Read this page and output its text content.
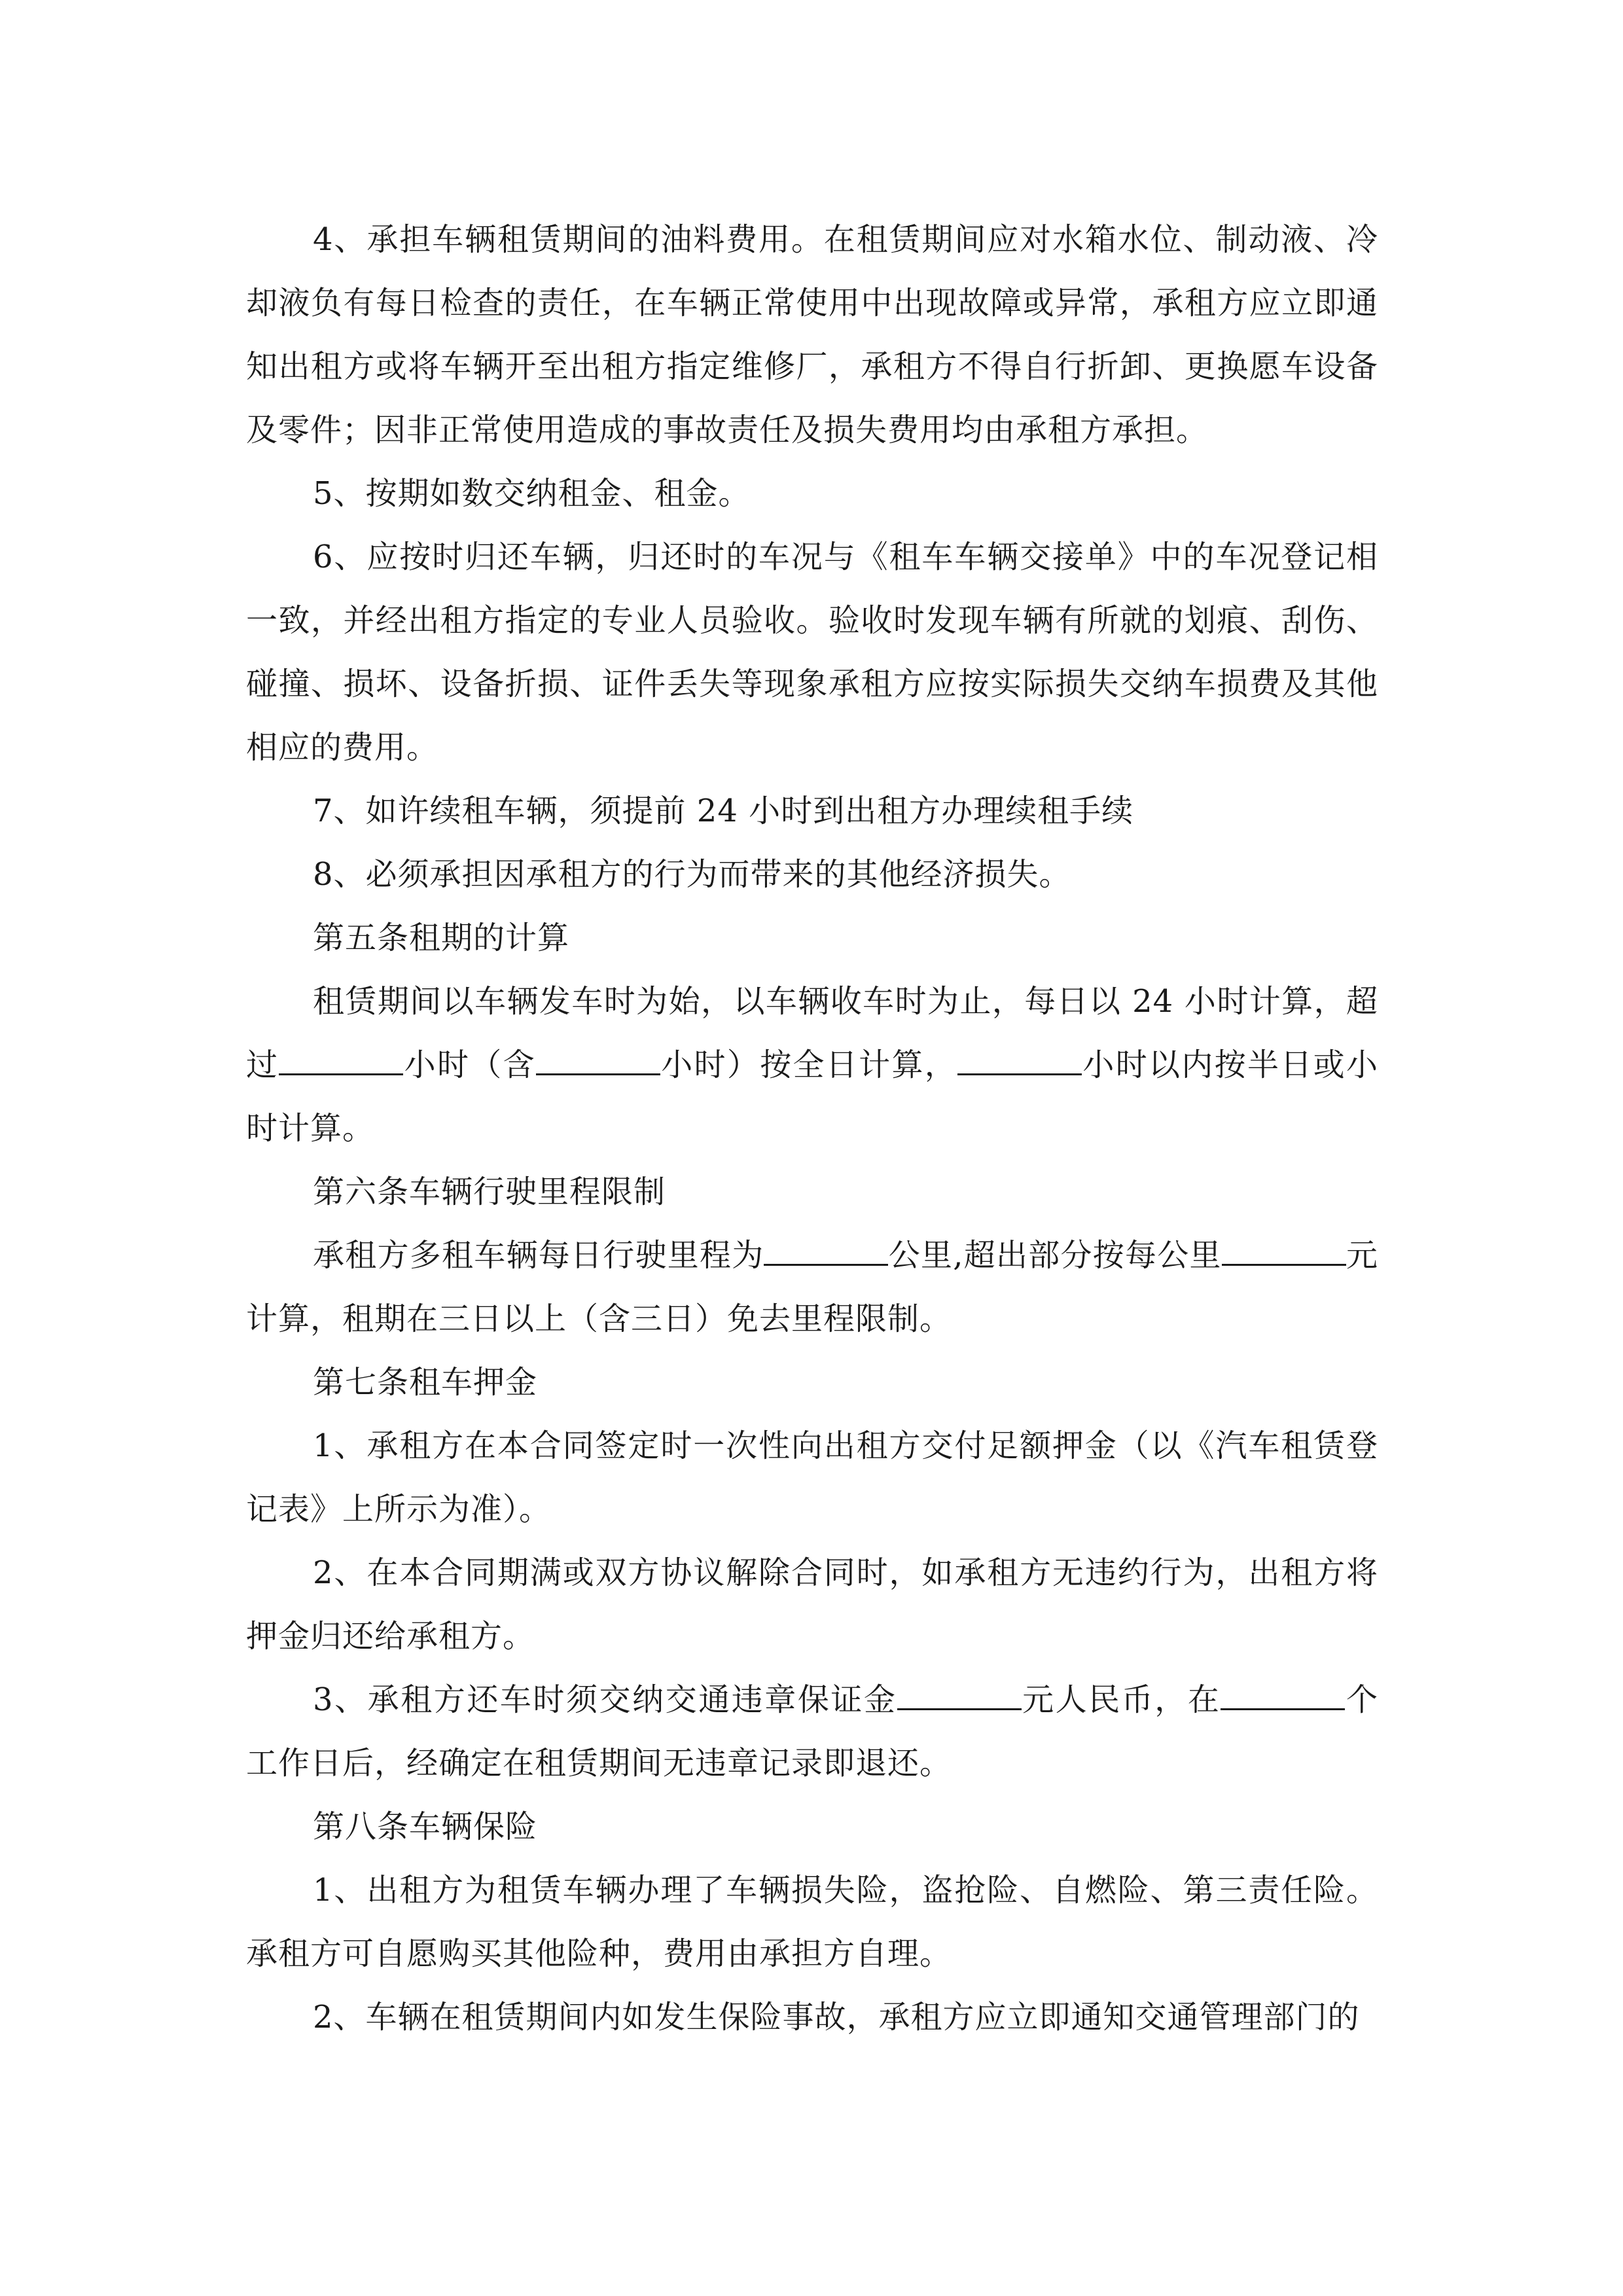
4、承担车辆租赁期间的油料费用。在租赁期间应对水箱水位、制动液、冷却液负有每日检查的责任，在车辆正常使用中出现故障或异常，承租方应立即通知出租方或将车辆开至出租方指定维修厂，承租方不得自行折卸、更换愿车设备及零件；因非正常使用造成的事故责任及损失费用均由承租方承担。

5、按期如数交纳租金、租金。

6、应按时归还车辆，归还时的车况与《租车车辆交接单》中的车况登记相一致，并经出租方指定的专业人员验收。验收时发现车辆有所就的划痕、刮伤、碰撞、损坏、设备折损、证件丢失等现象承租方应按实际损失交纳车损费及其他相应的费用。

7、如许续租车辆，须提前 24 小时到出租方办理续租手续

8、必须承担因承租方的行为而带来的其他经济损失。

第五条租期的计算

租赁期间以车辆发车时为始，以车辆收车时为止，每日以 24 小时计算，超过	小时（含	小时）按全日计算，	小时以内按半日或小时计算。

第六条车辆行驶里程限制

承租方多租车辆每日行驶里程为	公里,超出部分按每公里	元计算，租期在三日以上（含三日）免去里程限制。

第七条租车押金

1、承租方在本合同签定时一次性向出租方交付足额押金（以《汽车租赁登记表》上所示为准）。

2、在本合同期满或双方协议解除合同时，如承租方无违约行为，出租方将押金归还给承租方。

3、承租方还车时须交纳交通违章保证金	元人民币，在	个工作日后，经确定在租赁期间无违章记录即退还。

第八条车辆保险

1、出租方为租赁车辆办理了车辆损失险，盗抢险、自燃险、第三责任险。承租方可自愿购买其他险种，费用由承担方自理。

2、车辆在租赁期间内如发生保险事故，承租方应立即通知交通管理部门的
